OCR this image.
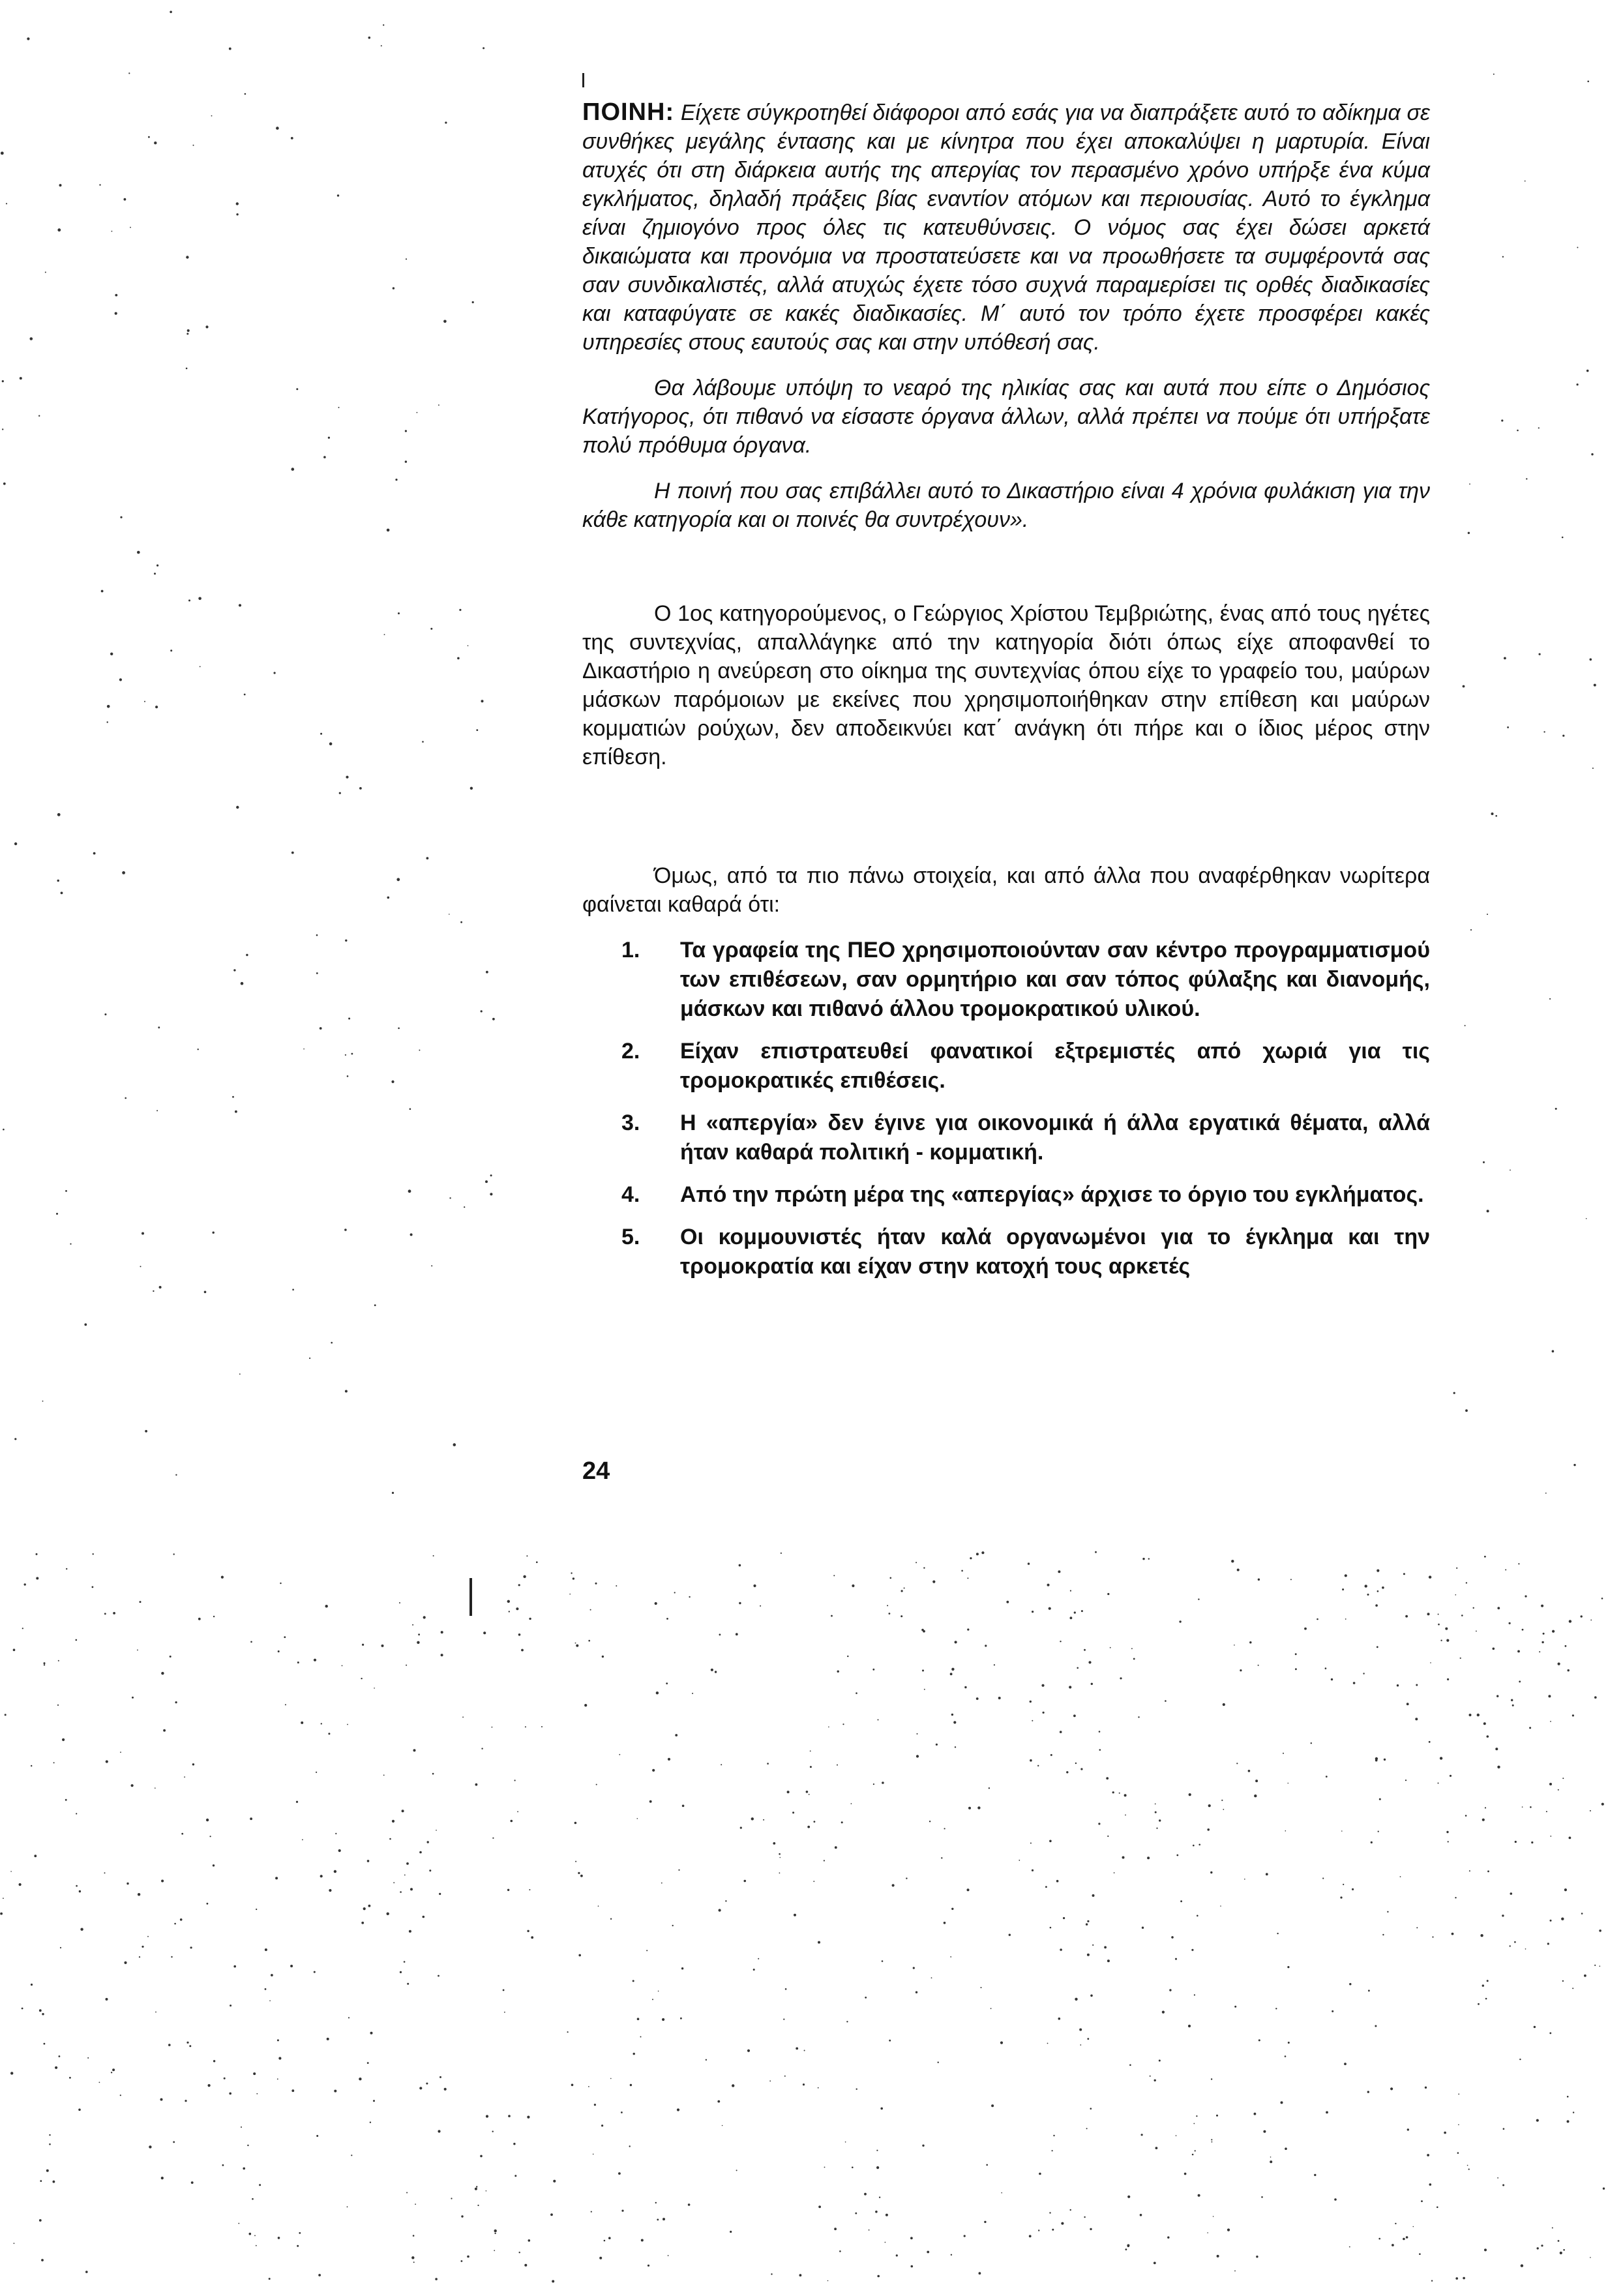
ΠΟΙΝΗ: Είχετε σύγκροτηθεί διάφοροι από εσάς για να διαπράξετε αυτό το αδίκημα σε συνθήκες μεγάλης έντασης και με κίνητρα που έχει αποκαλύψει η μαρτυρία. Είναι ατυχές ότι στη διάρκεια αυτής της απεργίας τον περασμένο χρόνο υπήρξε ένα κύμα εγκλήματος, δηλαδή πράξεις βίας εναντίον ατόμων και περιουσίας. Αυτό το έγκλημα είναι ζημιογόνο προς όλες τις κατευθύνσεις. Ο νόμος σας έχει δώσει αρκετά δικαιώματα και προνόμια να προστατεύσετε και να προωθήσετε τα συμφέροντά σας σαν συνδικαλιστές, αλλά ατυχώς έχετε τόσο συχνά παραμερίσει τις ορθές διαδικασίες και καταφύγατε σε κακές διαδικασίες. Μ΄ αυτό τον τρόπο έχετε προσφέρει κακές υπηρεσίες στους εαυτούς σας και στην υπόθεσή σας.

Θα λάβουμε υπόψη το νεαρό της ηλικίας σας και αυτά που είπε ο Δημόσιος Κατήγορος, ότι πιθανό να είσαστε όργανα άλλων, αλλά πρέπει να πούμε ότι υπήρξατε πολύ πρόθυμα όργανα.

Η ποινή που σας επιβάλλει αυτό το Δικαστήριο είναι 4 χρόνια φυλάκιση για την κάθε κατηγορία και οι ποινές θα συντρέχουν».

Ο 1ος κατηγορούμενος, ο Γεώργιος Χρίστου Τεμβριώτης, ένας από τους ηγέτες της συντεχνίας, απαλλάγηκε από την κατηγορία διότι όπως είχε αποφανθεί το Δικαστήριο η ανεύρεση στο οίκημα της συντεχνίας όπου είχε το γραφείο του, μαύρων μάσκων παρόμοιων με εκείνες που χρησιμοποιήθηκαν στην επίθεση και μαύρων κομματιών ρούχων, δεν αποδεικνύει κατ΄ ανάγκη ότι πήρε και ο ίδιος μέρος στην επίθεση.

Όμως, από τα πιο πάνω στοιχεία, και από άλλα που αναφέρθηκαν νωρίτερα φαίνεται καθαρά ότι:

1.	Τα γραφεία της ΠΕΟ χρησιμοποιούνταν σαν κέντρο προγραμματισμού των επιθέσεων, σαν ορμητήριο και σαν τόπος φύλαξης και διανομής, μάσκων και πιθανό άλλου τρομοκρατικού υλικού.
2.	Είχαν επιστρατευθεί φανατικοί εξτρεμιστές από χωριά για τις τρομοκρατικές επιθέσεις.
3.	Η «απεργία» δεν έγινε για οικονομικά ή άλλα εργατικά θέματα, αλλά ήταν καθαρά πολιτική - κομματική.
4.	Από την πρώτη μέρα της «απεργίας» άρχισε το όργιο του εγκλήματος.
5.	Οι κομμουνιστές ήταν καλά οργανωμένοι για το έγκλημα και την τρομοκρατία και είχαν στην κατοχή τους αρκετές
24
